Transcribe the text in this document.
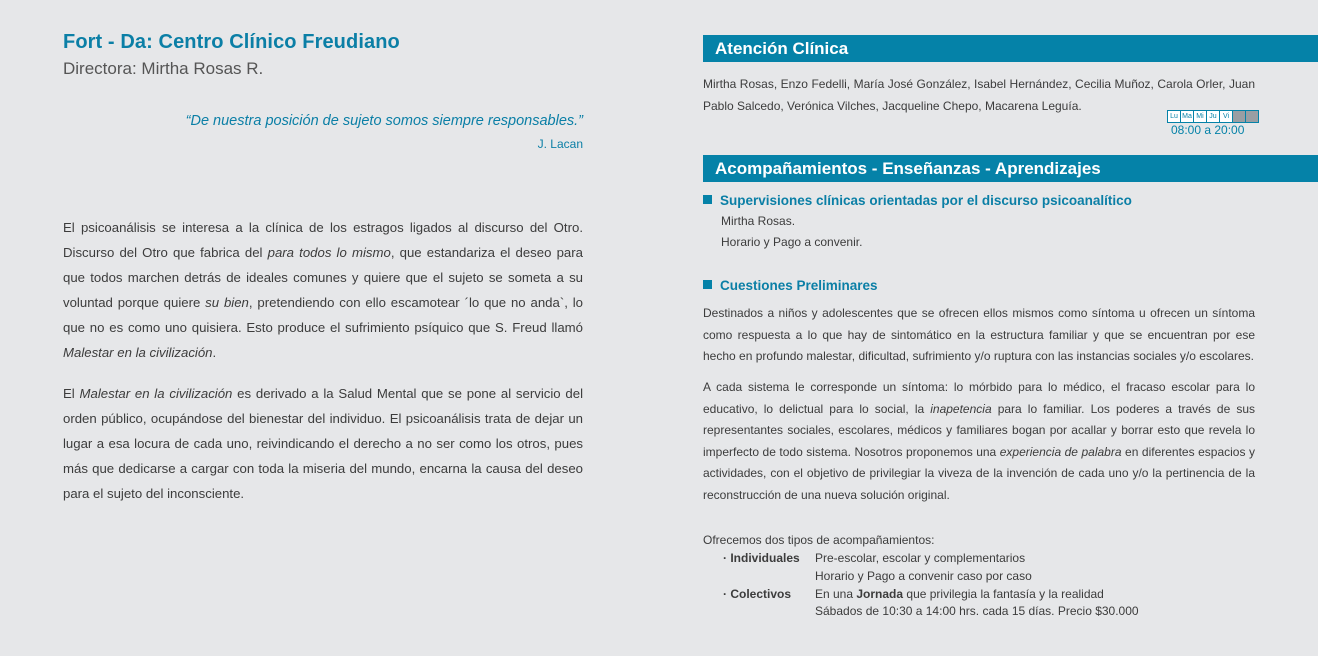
Fort - Da: Centro Clínico Freudiano
Directora: Mirtha Rosas R.
“De nuestra posición de sujeto somos siempre responsables.”
J. Lacan
El psicoanálisis se interesa a la clínica de los estragos ligados al discurso del Otro. Discurso del Otro que fabrica del para todos lo mismo, que estandariza el deseo para que todos marchen detrás de ideales comunes y quiere que el sujeto se someta a su voluntad porque quiere su bien, pretendiendo con ello escamotear ´lo que no anda`, lo que no es como uno quisiera. Esto produce el sufrimiento psíquico que S. Freud llamó Malestar en la civilización.
El Malestar en la civilización es derivado a la Salud Mental que se pone al servicio del orden público, ocupándose del bienestar del individuo. El psicoanálisis trata de dejar un lugar a esa locura de cada uno, reivindicando el derecho a no ser como los otros, pues más que dedicarse a cargar con toda la miseria del mundo, encarna la causa del deseo para el sujeto del inconsciente.
Atención Clínica
Mirtha Rosas, Enzo Fedelli, María José González, Isabel Hernández, Cecilia Muñoz, Carola Orler, Juan Pablo Salcedo, Verónica Vilches, Jacqueline Chepo, Macarena Leguía.
Lu Ma Mi Ju Vi
08:00 a 20:00
Acompañamientos - Enseñanzas - Aprendizajes
Supervisiones clínicas orientadas por el discurso psicoanalítico
Mirtha Rosas.
Horario y Pago a convenir.
Cuestiones Preliminares
Destinados a niños y adolescentes que se ofrecen ellos mismos como síntoma u ofrecen un síntoma como respuesta a lo que hay de sintomático en la estructura familiar y que se encuentran por ese hecho en profundo malestar, dificultad, sufrimiento y/o ruptura con las instancias sociales y/o escolares.
A cada sistema le corresponde un síntoma: lo mórbido para lo médico, el fracaso escolar para lo educativo, lo delictual para lo social, la inapetencia para lo familiar. Los poderes a través de sus representantes sociales, escolares, médicos y familiares bogan por acallar y borrar esto que revela lo imperfecto de todo sistema. Nosotros proponemos una experiencia de palabra en diferentes espacios y actividades, con el objetivo de privilegiar la viveza de la invención de cada uno y/o la pertinencia de la reconstrucción de una nueva solución original.
Ofrecemos dos tipos de acompañamientos:
· Individuales Pre-escolar, escolar y complementarios
Horario y Pago a convenir caso por caso
· Colectivos En una Jornada que privilegia la fantasía y la realidad
Sábados de 10:30 a 14:00 hrs. cada 15 días. Precio $30.000
